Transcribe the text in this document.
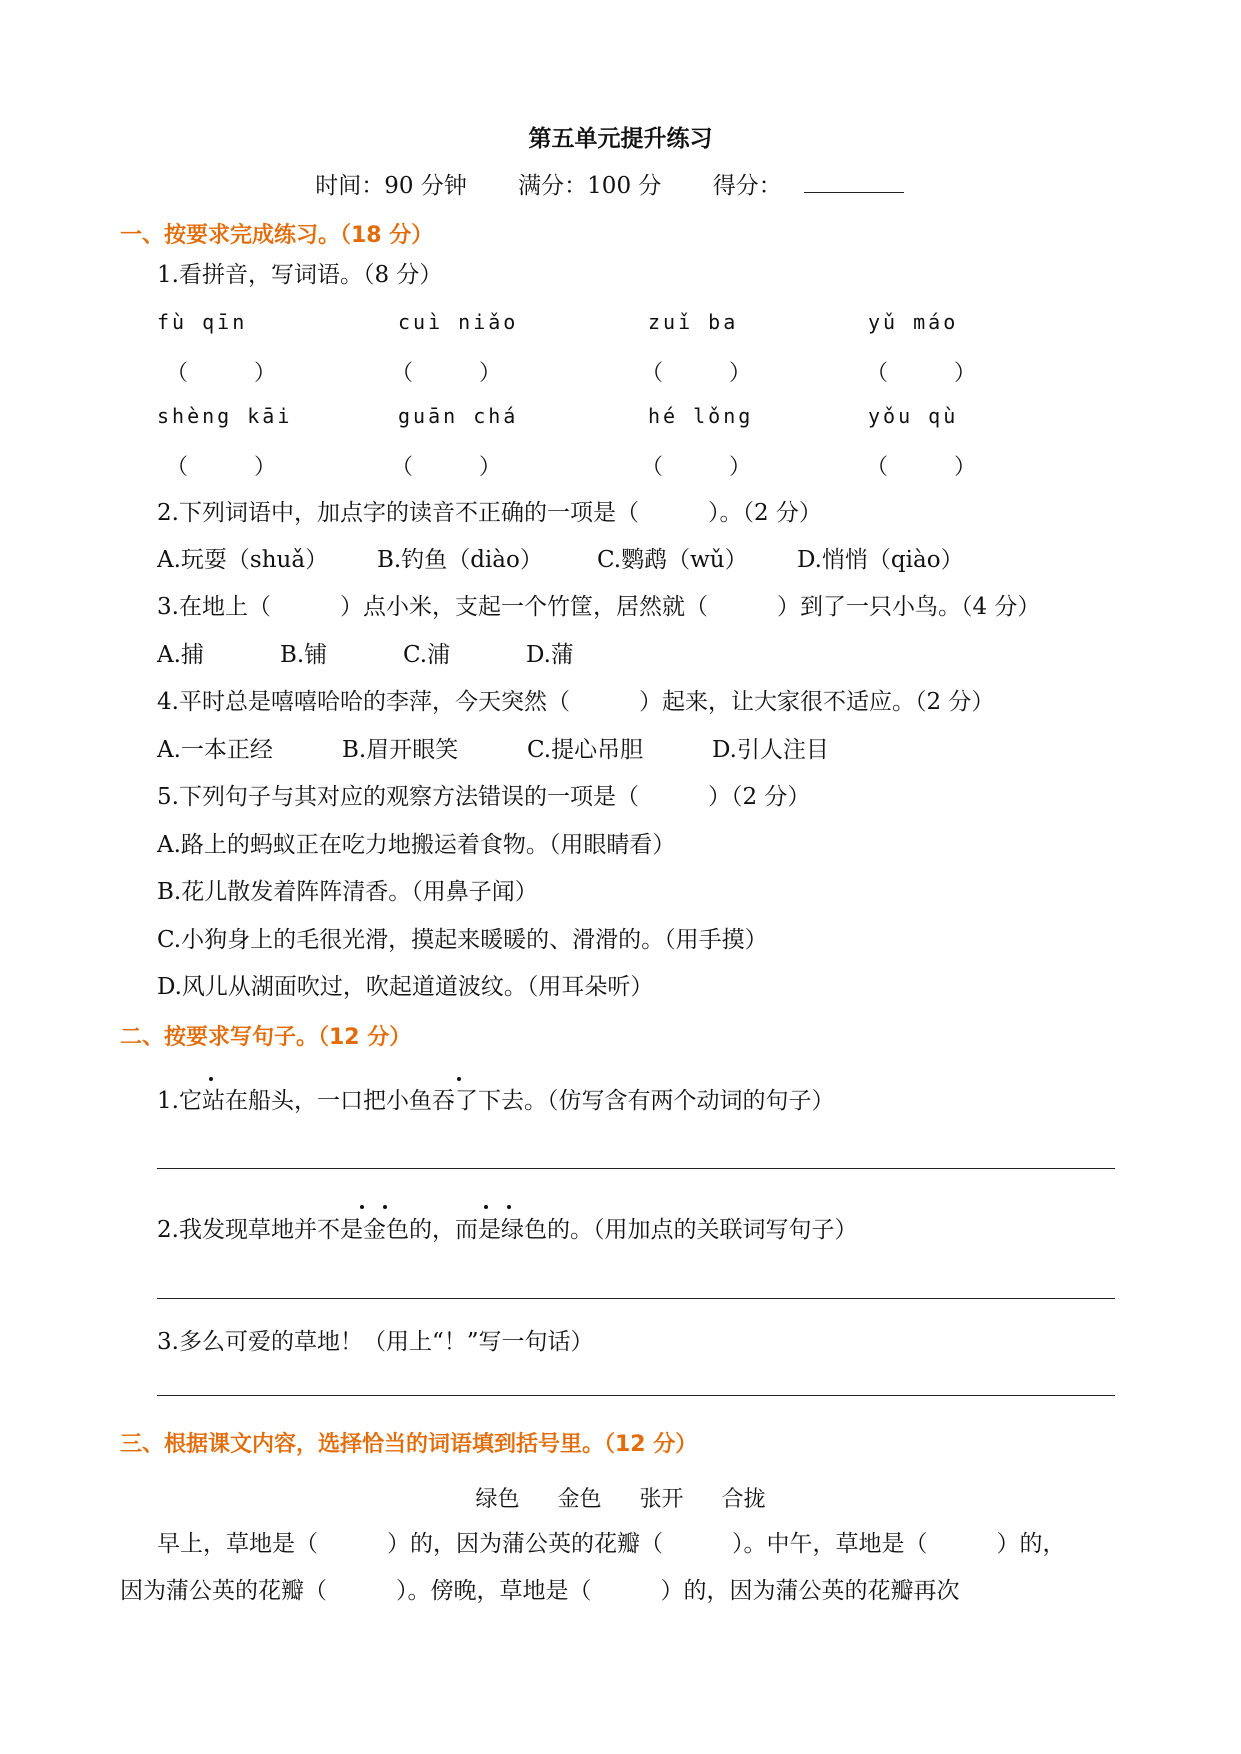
第五单元提升练习
时间：90 分钟 满分：100 分 得分：
一、按要求完成练习。（18 分）
1.看拼音，写词语。（8 分）
fù qīn	cuì niǎo	zuǐ ba	yǔ máo
（　　　）	（　　　）	（　　　）	（　　　）
shèng kāi	guān chá	hé lǒng	yǒu qù
（　　　）	（　　　）	（　　　）	（　　　）
2.下列词语中，加点字的读音不正确的一项是（　　　）。（2 分）
A.玩耍（shuǎ） B.钓鱼（diào） C.鹦鹉（wǔ） D.悄悄（qiào）
3.在地上（　　　）点小米，支起一个竹筐，居然就（　　　）到了一只小鸟。（4 分）
A.捕	B.铺	C.浦	D.蒲
4.平时总是嘻嘻哈哈的李萍，今天突然（　　　）起来，让大家很不适应。（2 分）
A.一本正经	B.眉开眼笑	C.提心吊胆	D.引人注目
5.下列句子与其对应的观察方法错误的一项是（　　　）（2 分）
A.路上的蚂蚁正在吃力地搬运着食物。（用眼睛看）
B.花儿散发着阵阵清香。（用鼻子闻）
C.小狗身上的毛很光滑，摸起来暖暖的、滑滑的。（用手摸）
D.风儿从湖面吹过，吹起道道波纹。（用耳朵听）
二、按要求写句子。（12 分）
1.它站在船头，一口把小鱼吞了下去。（仿写含有两个动词的句子）
2.我发现草地并不是金色的，而是绿色的。（用加点的关联词写句子）
3.多么可爱的草地！（用上“！”写一句话）
三、根据课文内容，选择恰当的词语填到括号里。（12 分）
绿色 金色 张开 合拢
早上，草地是（　　　）的，因为蒲公英的花瓣（　　　）。中午，草地是（　　　）的，
因为蒲公英的花瓣（　　　）。傍晚，草地是（　　　）的，因为蒲公英的花瓣再次
